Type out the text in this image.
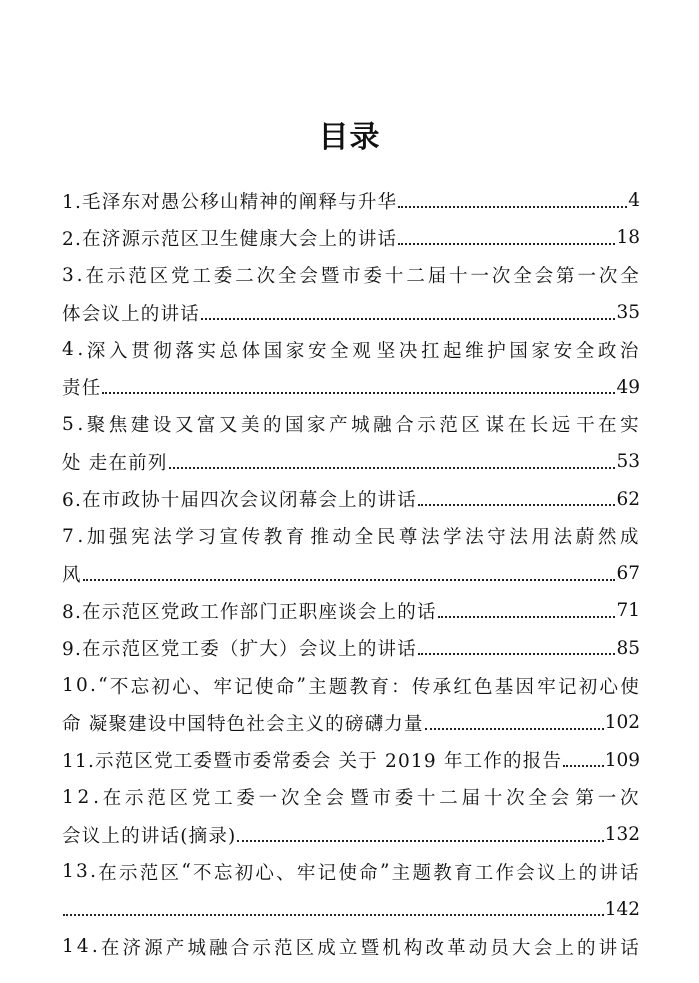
目录
1.毛泽东对愚公移山精神的阐释与升华	4
2.在济源示范区卫生健康大会上的讲话	18
3 . 在 示 范 区 党 工 委 二 次 全 会 暨 市 委 十 二 届 十 一 次 全 会 第 一 次 全
体会议上的讲话	35
4 . 深 入 贯 彻 落 实 总 体 国 家 安 全 观 坚 决 扛 起 维 护 国 家 安 全 政 治
责任	49
5 . 聚 焦 建 设 又 富 又 美 的 国 家 产 城 融 合 示 范 区 谋 在 长 远 干 在 实
处 走在前列	53
6.在市政协十届四次会议闭幕会上的讲话	62
7 . 加 强 宪 法 学 习 宣 传 教 育 推 动 全 民 尊 法 学 法 守 法 用 法 蔚 然 成
风	67
8.在示范区党政工作部门正职座谈会上的话	71
9.在示范区党工委（扩大）会议上的讲话	85
1 0 . “ 不 忘 初 心 、 牢 记 使 命 ” 主 题 教 育 ： 传 承 红 色 基 因 牢 记 初 心 使
命 凝聚建设中国特色社会主义的磅礴力量	102
11.示范区党工委暨市委常委会 关于 2019 年工作的报告 109
1 2 . 在 示 范 区 党 工 委 一 次 全 会 暨 市 委 十 二 届 十 次 全 会 第 一 次
会议上的讲话(摘录)	132
1 3 . 在 示 范 区 “ 不 忘 初 心 、 牢 记 使 命 ” 主 题 教 育 工 作 会 议 上 的 讲 话
142
1 4 . 在 济 源 产 城 融 合 示 范 区 成 立 暨 机 构 改 革 动 员 大 会 上 的 讲 话
